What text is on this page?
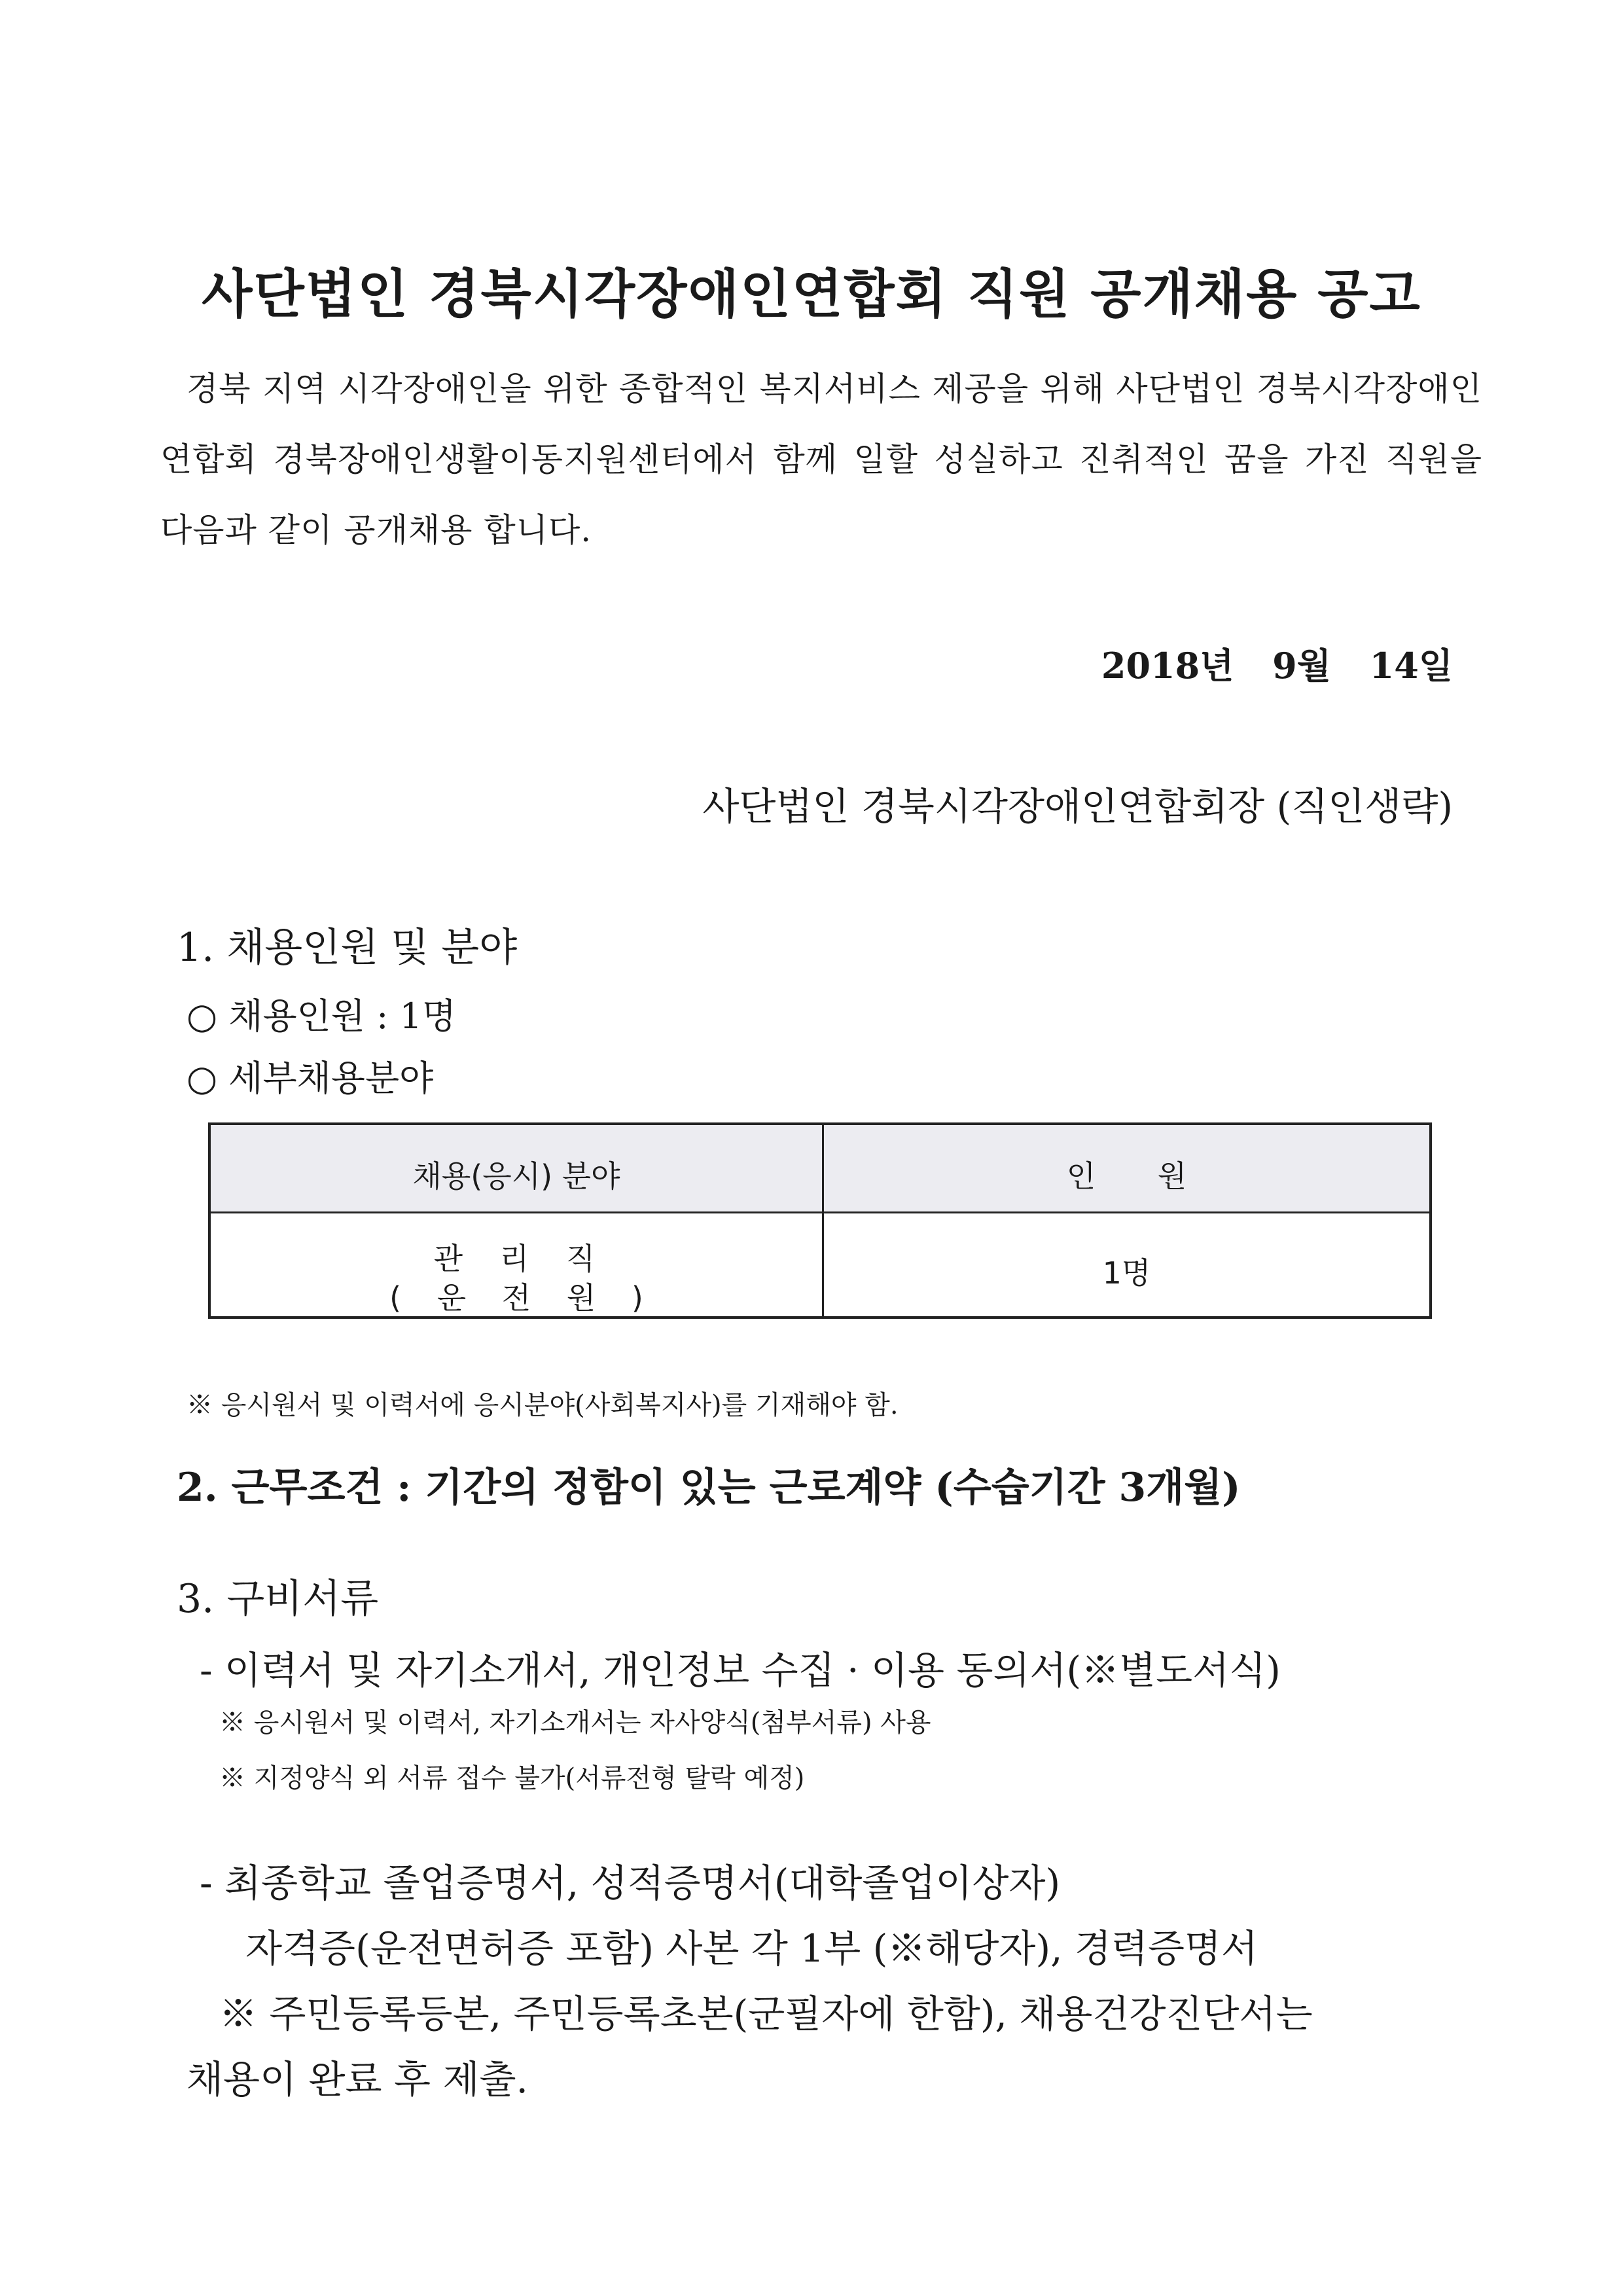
사단법인 경북시각장애인연합회 직원 공개채용 공고
경북 지역 시각장애인을 위한 종합적인 복지서비스 제공을 위해 사단법인 경북시각장애인연합회 경북장애인생활이동지원센터에서 함께 일할 성실하고 진취적인 꿈을 가진 직원을 다음과 같이 공개채용 합니다.
2018년 9월 14일
사단법인 경북시각장애인연합회장 (직인생략)
1. 채용인원 및 분야
○ 채용인원 : 1명
○ 세부채용분야
채용(응시) 분야	인 원
관 리 직
( 운 전 원 )
1명
※ 응시원서 및 이력서에 응시분야(사회복지사)를 기재해야 함.
2. 근무조건 : 기간의 정함이 있는 근로계약 (수습기간 3개월)
3. 구비서류
- 이력서 및 자기소개서, 개인정보 수집 · 이용 동의서(※별도서식)
※ 응시원서 및 이력서, 자기소개서는 자사양식(첨부서류) 사용
※ 지정양식 외 서류 접수 불가(서류전형 탈락 예정)
- 최종학교 졸업증명서, 성적증명서(대학졸업이상자)
자격증(운전면허증 포함) 사본 각 1부 (※해당자), 경력증명서
※ 주민등록등본, 주민등록초본(군필자에 한함), 채용건강진단서는
채용이 완료 후 제출.
